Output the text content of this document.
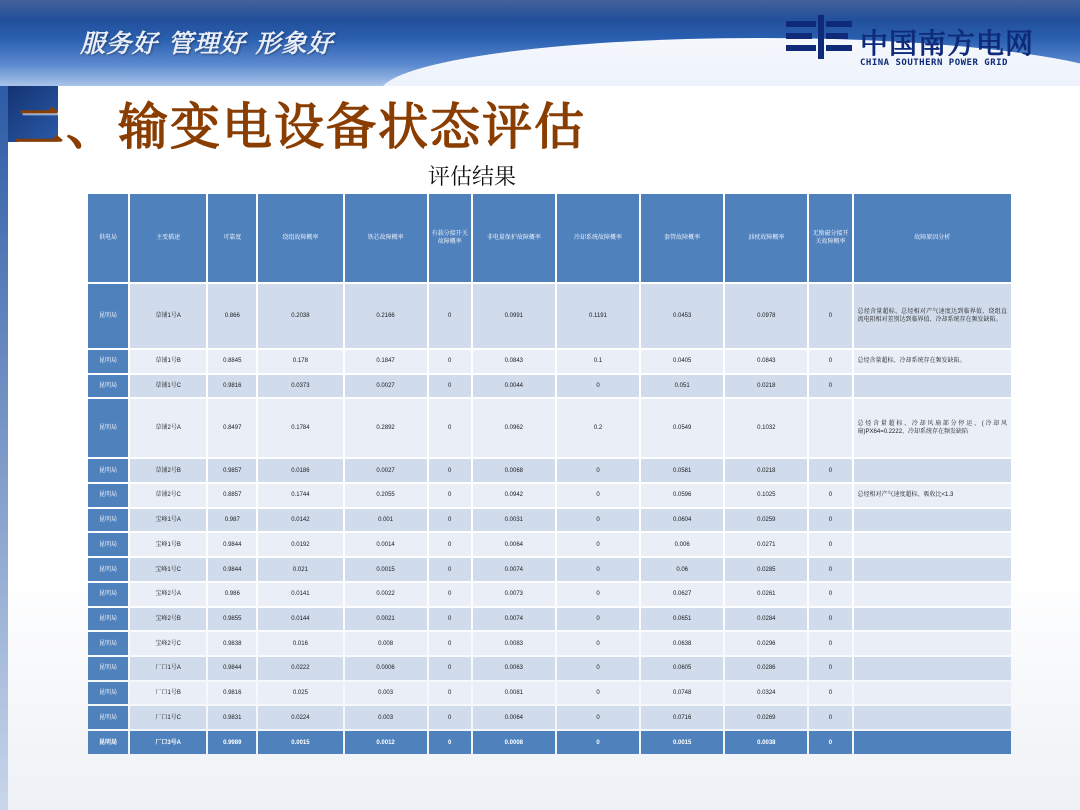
服务好 管理好 形象好	中国南方电网
CHINA SOUTHERN POWER GRID
二、输变电设备状态评估
评估结果
供电局	主变描述	可靠度	绕组故障概率	铁芯故障概率	有载分接开关故障概率	非电量保护故障概率	冷却系统故障概率	套管故障概率	油枕故障概率	无励磁分接开关故障概率	故障原因分析
昆明局	草铺1号A	0.866	0.2038	0.2166	0	0.0991	0.1191	0.0453	0.0978	0	总烃含量超标、总烃相对产气速度达到临界值、绕组直流电阻相对差别达到临界值、冷却系统存在频发缺陷。
昆明局	草铺1号B	0.8845	0.178	0.1847	0	0.0843	0.1	0.0405	0.0843	0	总烃含量超标、冷却系统存在频发缺陷。
昆明局	草铺1号C	0.9816	0.0373	0.0027	0	0.0044	0	0.051	0.0218	0	
昆明局	草铺2号A	0.8497	0.1784	0.2892	0	0.0962	0.2	0.0549	0.1032		总烃含量超标、冷却风扇部分停运、(冷却风扇)PX64=0.2222、冷却系统存在频发缺陷
昆明局	草铺2号B	0.9857	0.0186	0.0027	0	0.0068	0	0.0581	0.0218	0	
昆明局	草铺2号C	0.8857	0.1744	0.2055	0	0.0942	0	0.0596	0.1025	0	总烃相对产气速度超标、吸收比<1.3
昆明局	宝峰1号A	0.987	0.0142	0.001	0	0.0031	0	0.0604	0.0259	0	
昆明局	宝峰1号B	0.9844	0.0192	0.0014	0	0.0064	0	0.006	0.0271	0	
昆明局	宝峰1号C	0.9844	0.021	0.0015	0	0.0074	0	0.06	0.0285	0	
昆明局	宝峰2号A	0.986	0.0141	0.0022	0	0.0073	0	0.0627	0.0261	0	
昆明局	宝峰2号B	0.9855	0.0144	0.0021	0	0.0074	0	0.0651	0.0284	0	
昆明局	宝峰2号C	0.9838	0.016	0.008	0	0.0083	0	0.0638	0.0296	0	
昆明局	厂口1号A	0.9844	0.0222	0.0006	0	0.0063	0	0.0605	0.0286	0	
昆明局	厂口1号B	0.9816	0.025	0.003	0	0.0081	0	0.0748	0.0324	0	
昆明局	厂口1号C	0.9831	0.0224	0.003	0	0.0064	0	0.0716	0.0269	0	
昆明局	厂口3号A	0.9989	0.0015	0.0012	0	0.0008	0	0.0015	0.0038	0	
